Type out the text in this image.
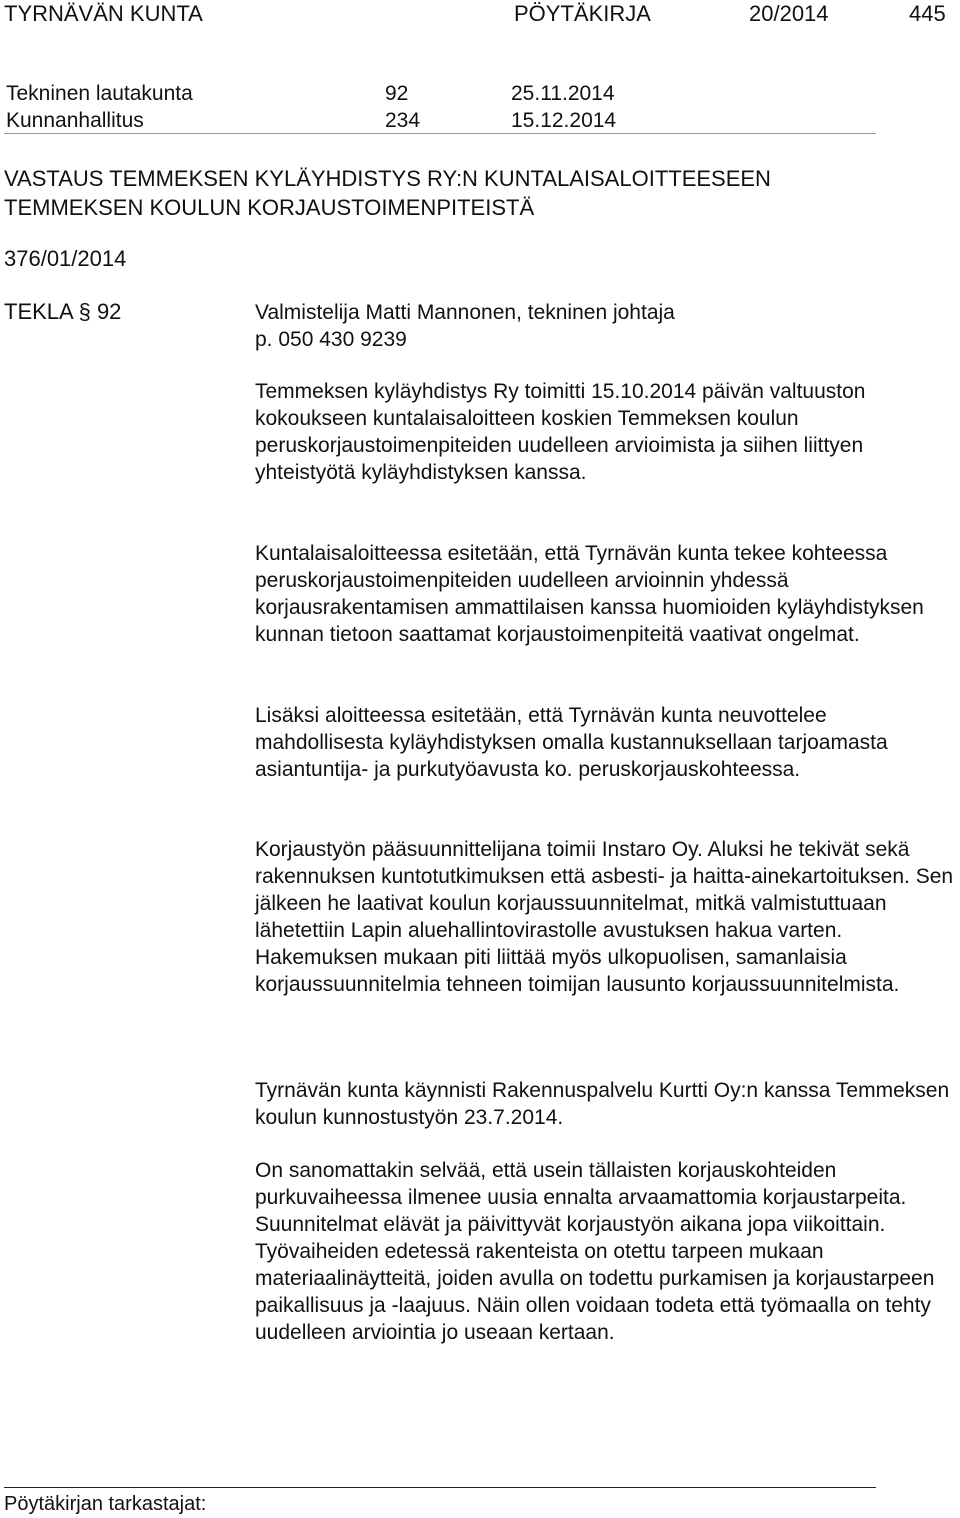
TYRNÄVÄN KUNTA	PÖYTÄKIRJA	20/2014	445
Tekninen lautakunta	92	25.11.2014
Kunnanhallitus	234	15.12.2014
VASTAUS TEMMEKSEN KYLÄYHDISTYS RY:N KUNTALAISALOITTEESEEN
TEMMEKSEN KOULUN KORJAUSTOIMENPITEISTÄ
376/01/2014
TEKLA § 92	Valmistelija Matti Mannonen, tekninen johtaja
p. 050 430 9239

Temmeksen kyläyhdistys Ry toimitti 15.10.2014 päivän valtuuston kokoukseen kuntalaisaloitteen koskien Temmeksen koulun peruskorjaustoimenpiteiden uudelleen arvioimista ja siihen liittyen yhteistyötä kyläyhdistyksen kanssa.

Kuntalaisaloitteessa esitetään, että Tyrnävän kunta tekee kohteessa peruskorjaustoimenpiteiden uudelleen arvioinnin yhdessä korjausrakentamisen ammattilaisen kanssa huomioiden kyläyhdistyksen kunnan tietoon saattamat korjaustoimenpiteitä vaativat ongelmat.

Lisäksi aloitteessa esitetään, että Tyrnävän kunta neuvottelee mahdollisesta kyläyhdistyksen omalla kustannuksellaan tarjoamasta asiantuntija- ja purkutyöavusta ko. peruskorjauskohteessa.

Korjaustyön pääsuunnittelijana toimii Instaro Oy. Aluksi he tekivät sekä rakennuksen kuntotutkimuksen että asbesti- ja haitta-ainekartoituksen. Sen jälkeen he laativat koulun korjaussuunnitelmat, mitkä valmistuttuaan lähetettiin Lapin aluehallintovirastolle avustuksen hakua varten. Hakemuksen mukaan piti liittää myös ulkopuolisen, samanlaisia korjaussuunnitelmia tehneen toimijan lausunto korjaussuunnitelmista.

Tyrnävän kunta käynnisti Rakennuspalvelu Kurtti Oy:n kanssa Temmeksen koulun kunnostustyön 23.7.2014.

On sanomattakin selvää, että usein tällaisten korjauskohteiden purkuvaiheessa ilmenee uusia ennalta arvaamattomia korjaustarpeita. Suunnitelmat elävät ja päivittyvät korjaustyön aikana jopa viikoittain. Työvaiheiden edetessä rakenteista on otettu tarpeen mukaan materiaalinäytteitä, joiden avulla on todettu purkamisen ja korjaustarpeen paikallisuus ja -laajuus. Näin ollen voidaan todeta että työmaalla on tehty uudelleen arviointia jo useaan kertaan.

Pöytäkirjan tarkastajat:
